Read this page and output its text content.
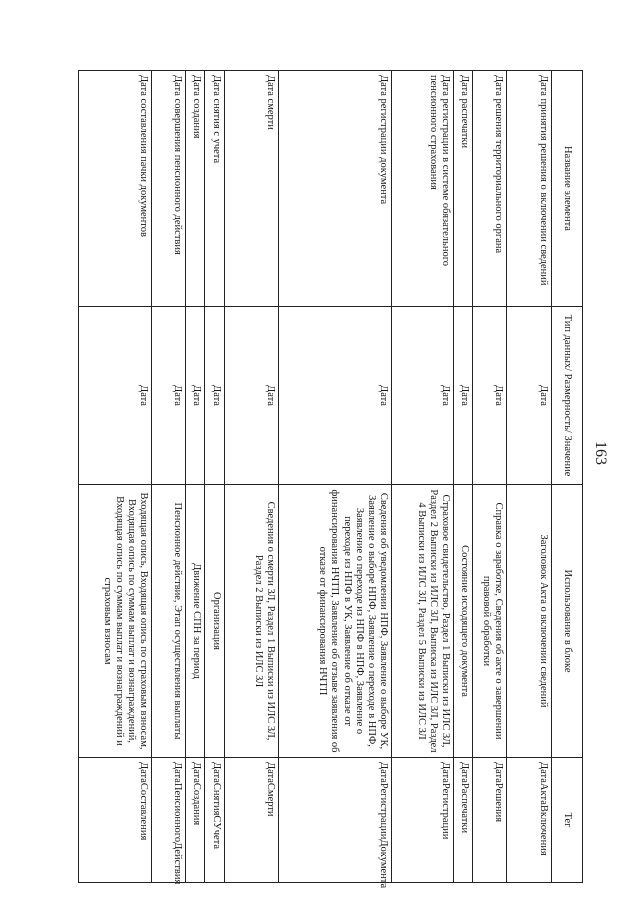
163
Название элемента	Тип данных/ Размерность/ Значение	Использование в блоке	Тег
Дата принятия решения о включении сведений	Дата	Заголовок Акта о включении сведений	ДатаАктаВключения
Дата решения территориального органа	Дата	Справка о заработке, Сведения об акте о завершении правовой обработки	ДатаРешения
Дата распечатки	Дата	Состояние исходящего документа	ДатаРаспечатки
Дата регистрации в системе обязательного пенсионного страхования	Дата	Страховое свидетельство, Раздел 1 Выписки из ИЛС ЗЛ, Раздел 2 Выписки из ИЛС ЗЛ, Выписка из ИЛС ЗЛ, Раздел 4 Выписки из ИЛС ЗЛ, Раздел 5 Выписки из ИЛС ЗЛ	ДатаРегистрации
Дата регистрации документа	Дата	Сведения об уведомлении НПФ, Заявление о выборе УК, Заявление о выборе НПФ, Заявление о переходе в НПФ, Заявление о переходе из НПФ в НПФ, Заявление о переходе из НПФ в УК, Заявление об отказе от финансирования НЧТП, Заявление об отзыве заявления об отказе от финансирования НЧТП	ДатаРегистрацииДокумента
Дата смерти	Дата	Сведения о смерти ЗЛ, Раздел 1 Выписки из ИЛС ЗЛ, Раздел 2 Выписки из ИЛС ЗЛ	ДатаСмерти
Дата снятия с учета	Дата	Организация	ДатаСнятияСУчета
Дата создания	Дата	Движение СПН за период	ДатаСоздания
Дата совершения пенсионного действия	Дата	Пенсионное действие, Этап осуществления выплаты	ДатаПенсионногоДействия
Дата составления пачки документов	Дата	Входящая опись, Входящая опись по страховым взносам, Входящая опись по суммам выплат и вознаграждений, Входящая опись по суммам выплат и вознаграждений и страховым взносам	ДатаСоставления
